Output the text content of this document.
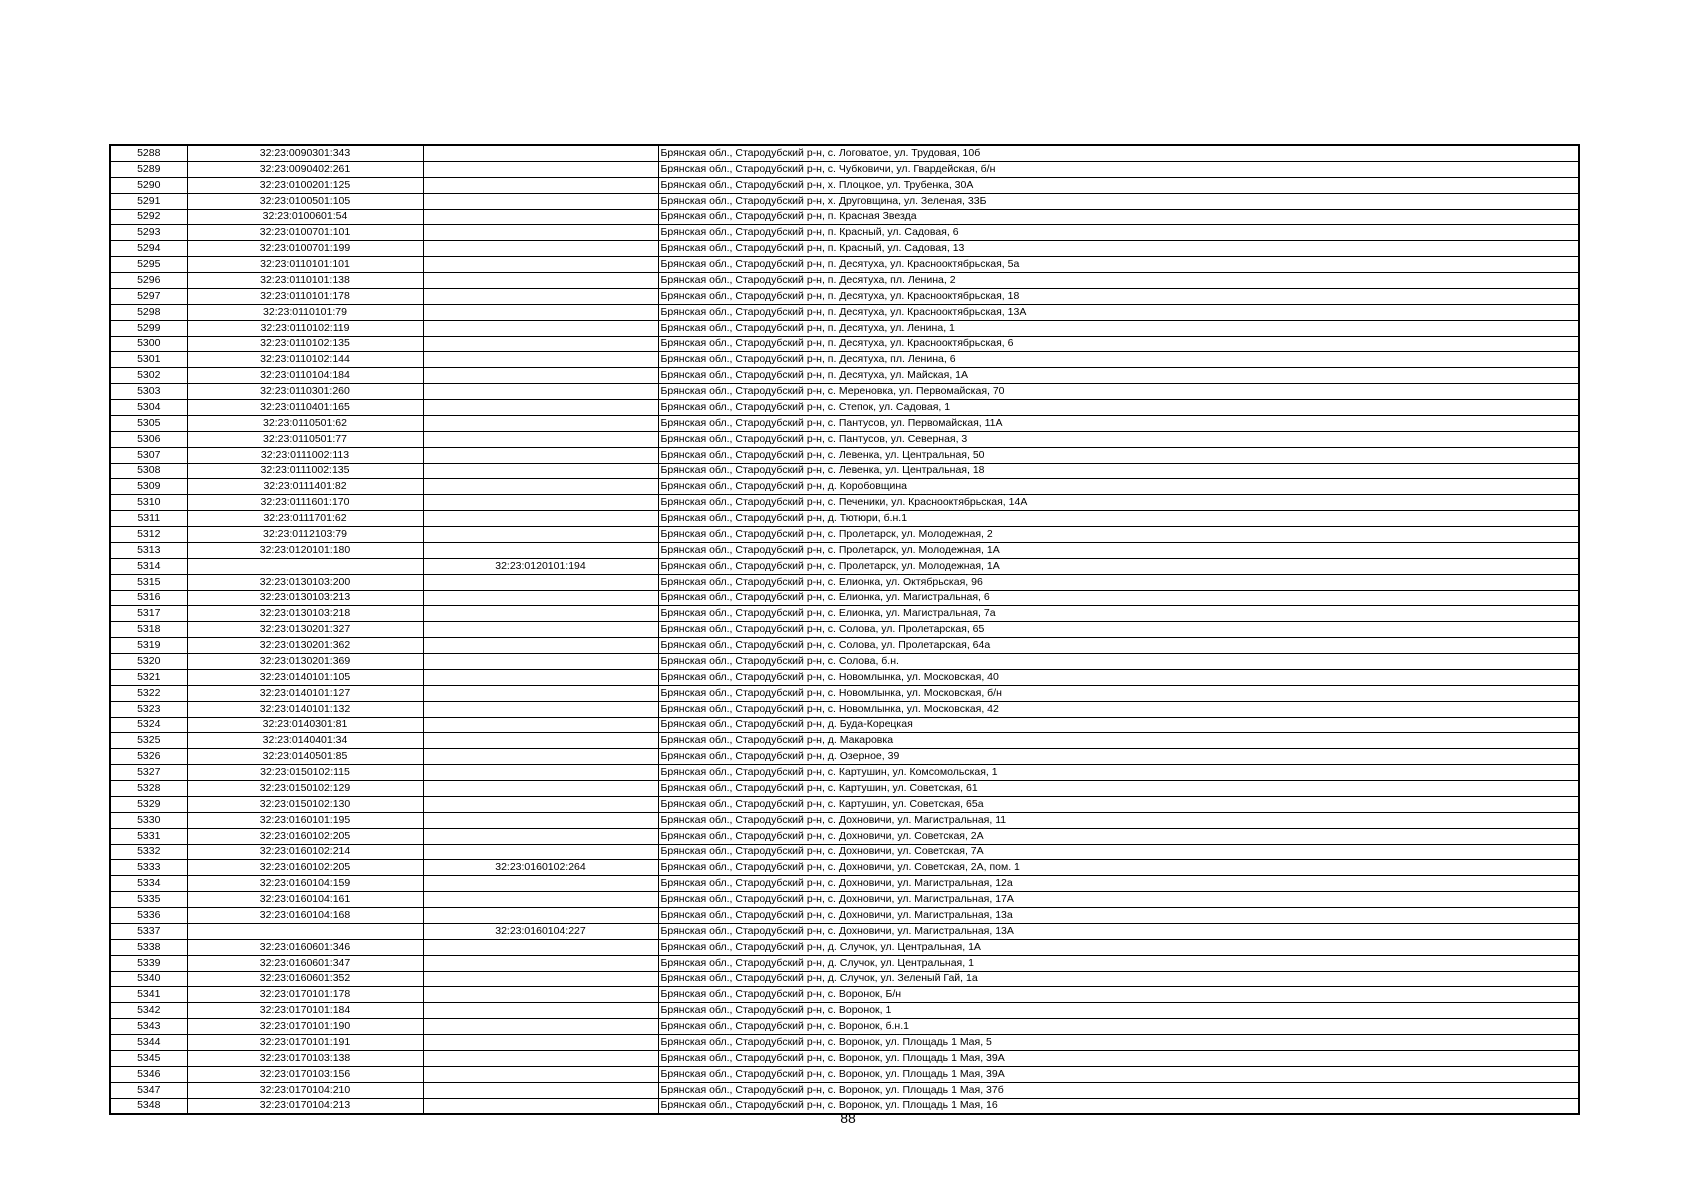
5288	32:23:0090301:343		Брянская обл., Стародубский р-н, с. Логоватое, ул. Трудовая, 10б
5289	32:23:0090402:261		Брянская обл., Стародубский р-н, с. Чубковичи, ул. Гвардейская, б/н
5290	32:23:0100201:125		Брянская обл., Стародубский р-н, х. Плоцкое, ул. Трубенка, 30А
5291	32:23:0100501:105		Брянская обл., Стародубский р-н, х. Друговщина, ул. Зеленая, 33Б
5292	32:23:0100601:54		Брянская обл., Стародубский р-н, п. Красная Звезда
5293	32:23:0100701:101		Брянская обл., Стародубский р-н, п. Красный, ул. Садовая, 6
5294	32:23:0100701:199		Брянская обл., Стародубский р-н, п. Красный, ул. Садовая, 13
5295	32:23:0110101:101		Брянская обл., Стародубский р-н, п. Десятуха, ул. Краснооктябрьская, 5а
5296	32:23:0110101:138		Брянская обл., Стародубский р-н, п. Десятуха, пл. Ленина, 2
5297	32:23:0110101:178		Брянская обл., Стародубский р-н, п. Десятуха, ул. Краснооктябрьская, 18
5298	32:23:0110101:79		Брянская обл., Стародубский р-н, п. Десятуха, ул. Краснооктябрьская, 13А
5299	32:23:0110102:119		Брянская обл., Стародубский р-н, п. Десятуха, ул. Ленина, 1
5300	32:23:0110102:135		Брянская обл., Стародубский р-н, п. Десятуха, ул. Краснооктябрьская, 6
5301	32:23:0110102:144		Брянская обл., Стародубский р-н, п. Десятуха, пл. Ленина, 6
5302	32:23:0110104:184		Брянская обл., Стародубский р-н, п. Десятуха, ул. Майская, 1А
5303	32:23:0110301:260		Брянская обл., Стародубский р-н, с. Мереновка, ул. Первомайская, 70
5304	32:23:0110401:165		Брянская обл., Стародубский р-н, с. Степок, ул. Садовая, 1
5305	32:23:0110501:62		Брянская обл., Стародубский р-н, с. Пантусов, ул. Первомайская, 11А
5306	32:23:0110501:77		Брянская обл., Стародубский р-н, с. Пантусов, ул. Северная, 3
5307	32:23:0111002:113		Брянская обл., Стародубский р-н, с. Левенка, ул. Центральная, 50
5308	32:23:0111002:135		Брянская обл., Стародубский р-н, с. Левенка, ул. Центральная, 18
5309	32:23:0111401:82		Брянская обл., Стародубский р-н, д. Коробовщина
5310	32:23:0111601:170		Брянская обл., Стародубский р-н, с. Печеники, ул. Краснооктябрьская, 14А
5311	32:23:0111701:62		Брянская обл., Стародубский р-н, д. Тютюри, б.н.1
5312	32:23:0112103:79		Брянская обл., Стародубский р-н, с. Пролетарск, ул. Молодежная, 2
5313	32:23:0120101:180		Брянская обл., Стародубский р-н, с. Пролетарск, ул. Молодежная, 1А
5314		32:23:0120101:194	Брянская обл., Стародубский р-н, с. Пролетарск, ул. Молодежная, 1А
5315	32:23:0130103:200		Брянская обл., Стародубский р-н, с. Елионка, ул. Октябрьская, 96
5316	32:23:0130103:213		Брянская обл., Стародубский р-н, с. Елионка, ул. Магистральная, 6
5317	32:23:0130103:218		Брянская обл., Стародубский р-н, с. Елионка, ул. Магистральная, 7а
5318	32:23:0130201:327		Брянская обл., Стародубский р-н, с. Солова, ул. Пролетарская, 65
5319	32:23:0130201:362		Брянская обл., Стародубский р-н, с. Солова, ул. Пролетарская, 64а
5320	32:23:0130201:369		Брянская обл., Стародубский р-н, с. Солова, б.н.
5321	32:23:0140101:105		Брянская обл., Стародубский р-н, с. Новомлынка, ул. Московская, 40
5322	32:23:0140101:127		Брянская обл., Стародубский р-н, с. Новомлынка, ул. Московская, б/н
5323	32:23:0140101:132		Брянская обл., Стародубский р-н, с. Новомлынка, ул. Московская, 42
5324	32:23:0140301:81		Брянская обл., Стародубский р-н, д. Буда-Корецкая
5325	32:23:0140401:34		Брянская обл., Стародубский р-н, д. Макаровка
5326	32:23:0140501:85		Брянская обл., Стародубский р-н, д. Озерное, 39
5327	32:23:0150102:115		Брянская обл., Стародубский р-н, с. Картушин, ул. Комсомольская, 1
5328	32:23:0150102:129		Брянская обл., Стародубский р-н, с. Картушин, ул. Советская, 61
5329	32:23:0150102:130		Брянская обл., Стародубский р-н, с. Картушин, ул. Советская, 65а
5330	32:23:0160101:195		Брянская обл., Стародубский р-н, с. Дохновичи, ул. Магистральная, 11
5331	32:23:0160102:205		Брянская обл., Стародубский р-н, с. Дохновичи, ул. Советская, 2А
5332	32:23:0160102:214		Брянская обл., Стародубский р-н, с. Дохновичи, ул. Советская, 7А
5333	32:23:0160102:205	32:23:0160102:264	Брянская обл., Стародубский р-н, с. Дохновичи, ул. Советская, 2А, пом. 1
5334	32:23:0160104:159		Брянская обл., Стародубский р-н, с. Дохновичи, ул. Магистральная, 12а
5335	32:23:0160104:161		Брянская обл., Стародубский р-н, с. Дохновичи, ул. Магистральная, 17А
5336	32:23:0160104:168		Брянская обл., Стародубский р-н, с. Дохновичи, ул. Магистральная, 13а
5337		32:23:0160104:227	Брянская обл., Стародубский р-н, с. Дохновичи, ул. Магистральная, 13А
5338	32:23:0160601:346		Брянская обл., Стародубский р-н, д. Случок, ул. Центральная, 1А
5339	32:23:0160601:347		Брянская обл., Стародубский р-н, д. Случок, ул. Центральная, 1
5340	32:23:0160601:352		Брянская обл., Стародубский р-н, д. Случок, ул. Зеленый Гай, 1а
5341	32:23:0170101:178		Брянская обл., Стародубский р-н, с. Воронок, Б/н
5342	32:23:0170101:184		Брянская обл., Стародубский р-н, с. Воронок, 1
5343	32:23:0170101:190		Брянская обл., Стародубский р-н, с. Воронок, б.н.1
5344	32:23:0170101:191		Брянская обл., Стародубский р-н, с. Воронок, ул. Площадь 1 Мая, 5
5345	32:23:0170103:138		Брянская обл., Стародубский р-н, с. Воронок, ул. Площадь 1 Мая, 39А
5346	32:23:0170103:156		Брянская обл., Стародубский р-н, с. Воронок, ул. Площадь 1 Мая, 39А
5347	32:23:0170104:210		Брянская обл., Стародубский р-н, с. Воронок, ул. Площадь 1 Мая, 37б
5348	32:23:0170104:213		Брянская обл., Стародубский р-н, с. Воронок, ул. Площадь 1 Мая, 16
88
